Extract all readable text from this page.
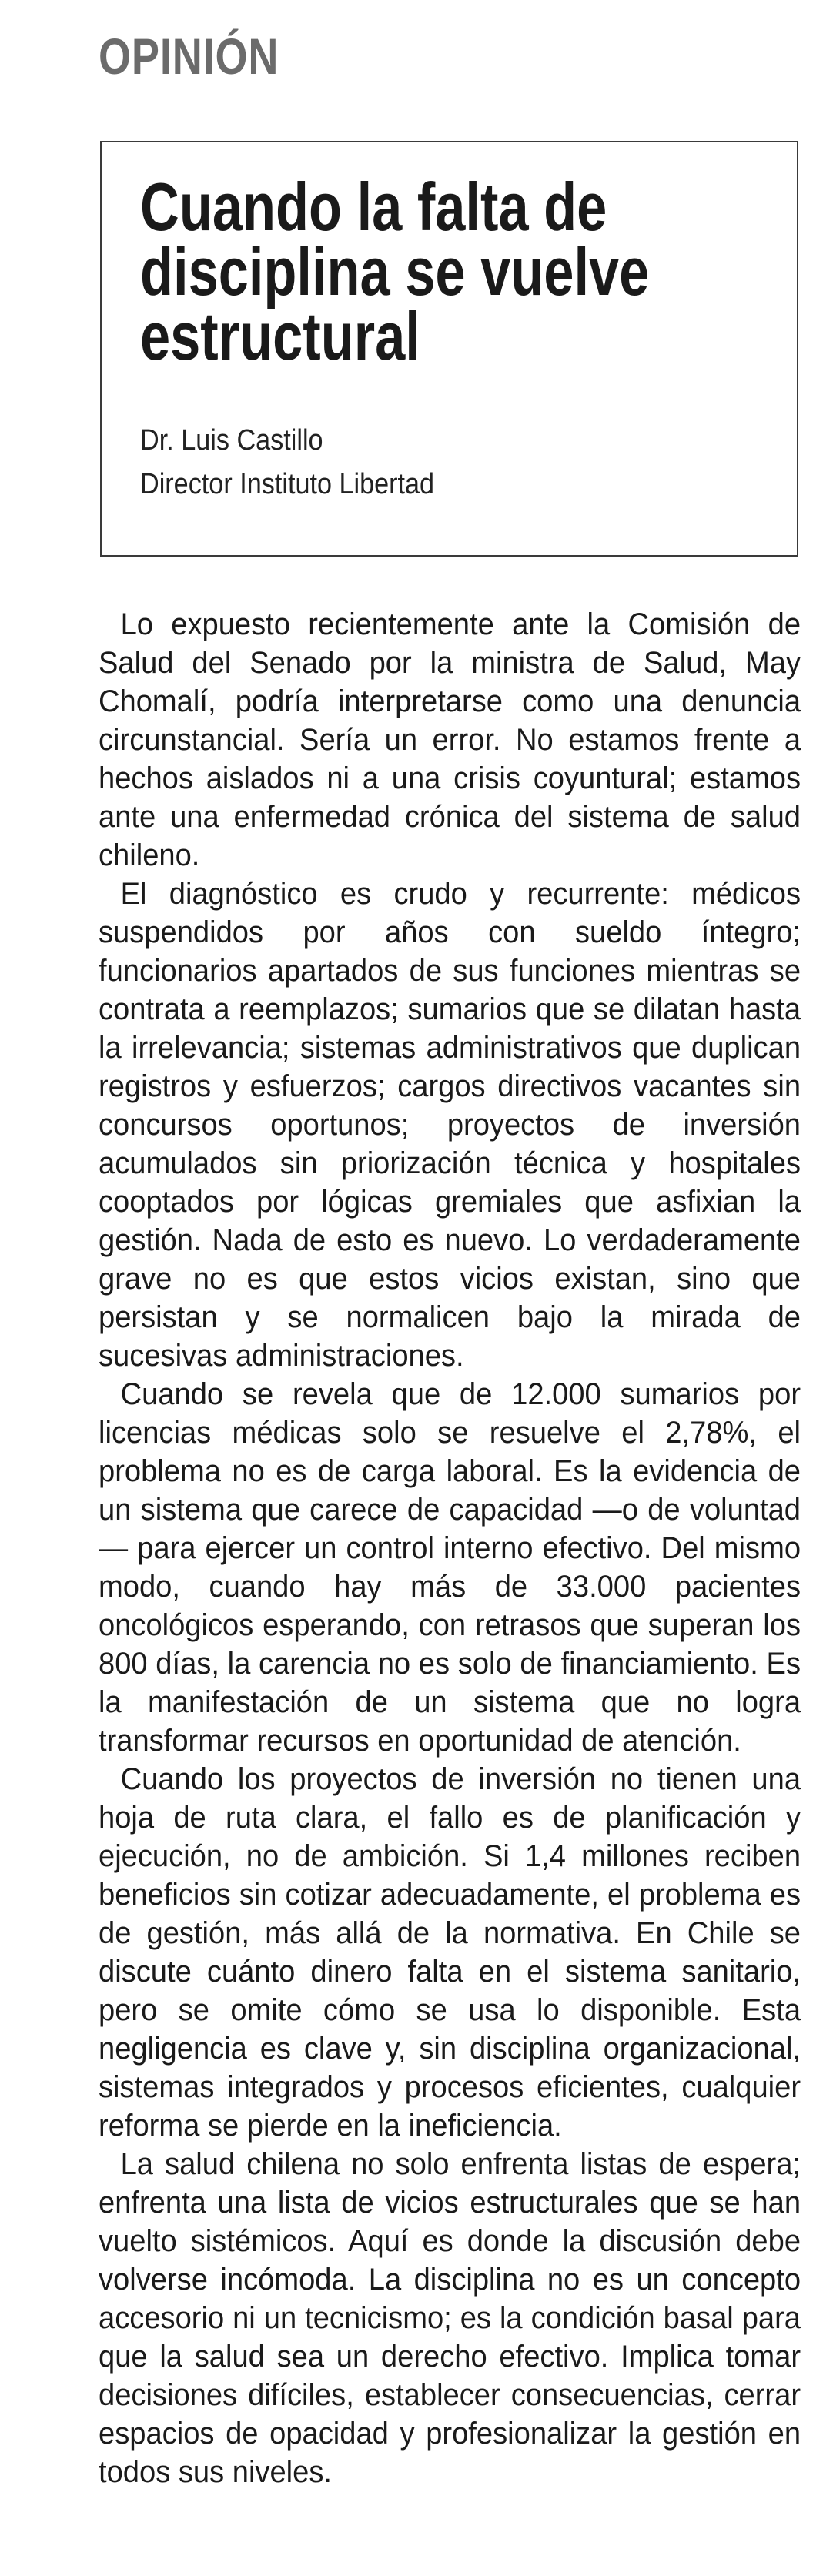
OPINIÓN
Cuando la falta de disciplina se vuelve estructural
Dr. Luis Castillo
Director Instituto Libertad

Lo expuesto recientemente ante la Comisión de Salud del Senado por la ministra de Salud, May Chomalí, podría interpretarse como una denuncia circunstancial. Sería un error. No estamos frente a hechos aislados ni a una crisis coyuntural; estamos ante una enfermedad crónica del sistema de salud chileno.

El diagnóstico es crudo y recurrente: médicos suspendidos por años con sueldo íntegro; funcionarios apartados de sus funciones mientras se contrata a reemplazos; sumarios que se dilatan hasta la irrelevancia; sistemas administrativos que duplican registros y esfuerzos; cargos directivos vacantes sin concursos oportunos; proyectos de inversión acumulados sin priorización técnica y hospitales cooptados por lógicas gremiales que asfixian la gestión. Nada de esto es nuevo. Lo verdaderamente grave no es que estos vicios existan, sino que persistan y se normalicen bajo la mirada de sucesivas administraciones.

Cuando se revela que de 12.000 sumarios por licencias médicas solo se resuelve el 2,78%, el problema no es de carga laboral. Es la evidencia de un sistema que carece de capacidad —o de voluntad— para ejercer un control interno efectivo. Del mismo modo, cuando hay más de 33.000 pacientes oncológicos esperando, con retrasos que superan los 800 días, la carencia no es solo de financiamiento. Es la manifestación de un sistema que no logra transformar recursos en oportunidad de atención.

Cuando los proyectos de inversión no tienen una hoja de ruta clara, el fallo es de planificación y ejecución, no de ambición. Si 1,4 millones reciben beneficios sin cotizar adecuadamente, el problema es de gestión, más allá de la normativa. En Chile se discute cuánto dinero falta en el sistema sanitario, pero se omite cómo se usa lo disponible. Esta negligencia es clave y, sin disciplina organizacional, sistemas integrados y procesos eficientes, cualquier reforma se pierde en la ineficiencia.

La salud chilena no solo enfrenta listas de espera; enfrenta una lista de vicios estructurales que se han vuelto sistémicos. Aquí es donde la discusión debe volverse incómoda. La disciplina no es un concepto accesorio ni un tecnicismo; es la condición basal para que la salud sea un derecho efectivo. Implica tomar decisiones difíciles, establecer consecuencias, cerrar espacios de opacidad y profesionalizar la gestión en todos sus niveles.
